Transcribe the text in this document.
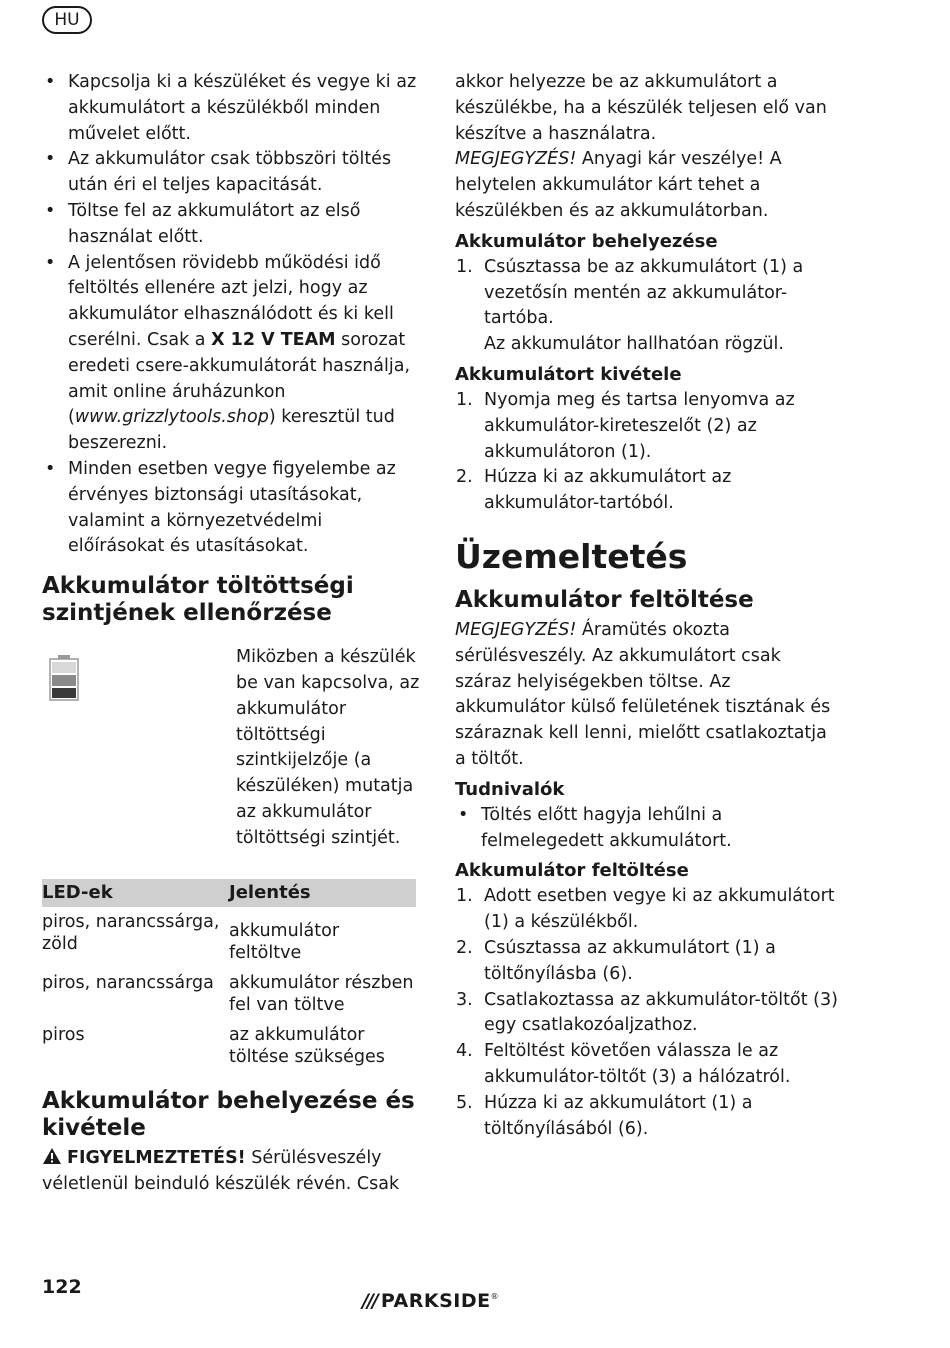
HU
• Kapcsolja ki a készüléket és vegye ki az akkumulátort a készülékből minden művelet előtt.
• Az akkumulátor csak többszöri töltés után éri el teljes kapacitását.
• Töltse fel az akkumulátort az első használat előtt.
• A jelentősen rövidebb működési idő feltöltés ellenére azt jelzi, hogy az akkumulátor elhasználódott és ki kell cserélni. Csak a X 12 V TEAM sorozat eredeti csere-akkumulátorát használja, amit online áruházunkon (www.grizzlytools.shop) keresztül tud beszerezni.
• Minden esetben vegye figyelembe az érvényes biztonsági utasításokat, valamint a környezetvédelmi előírásokat és utasításokat.
Akkumulátor töltöttségi szintjének ellenőrzése

Miközben a készülék be van kapcsolva, az akkumulátor töltöttségi szintkijelzője (a készüléken) mutatja az akkumulátor töltöttségi szintjét.

LED-ek	Jelentés
piros, narancssárga, zöld	akkumulátor feltöltve
piros, narancssárga	akkumulátor részben fel van töltve
piros	az akkumulátor töltése szükséges
Akkumulátor behelyezése és kivétele

FIGYELMEZTETÉS! Sérülésveszély véletlenül beinduló készülék révén. Csak

akkor helyezze be az akkumulátort a készülékbe, ha a készülék teljesen elő van készítve a használatra.

MEGJEGYZÉS! Anyagi kár veszélye! A helytelen akkumulátor kárt tehet a készülékben és az akkumulátorban.

Akkumulátor behelyezése
1. Csúsztassa be az akkumulátort (1) a vezetősín mentén az akkumulátor-tartóba.

Az akkumulátor hallhatóan rögzül.

Akkumulátort kivétele
1. Nyomja meg és tartsa lenyomva az akkumulátor-kireteszelőt (2) az akkumulátoron (1).
2. Húzza ki az akkumulátort az akkumulátor-tartóból.
Üzemeltetés
Akkumulátor feltöltése

MEGJEGYZÉS! Áramütés okozta sérülésveszély. Az akkumulátort csak száraz helyiségekben töltse. Az akkumulátor külső felületének tisztának és száraznak kell lenni, mielőtt csatlakoztatja a töltőt.

Tudnivalók
• Töltés előtt hagyja lehűlni a felmelegedett akkumulátort.
Akkumulátor feltöltése
1. Adott esetben vegye ki az akkumulátort (1) a készülékből.
2. Csúsztassa az akkumulátort (1) a töltőnyílásba (6).
3. Csatlakoztassa az akkumulátor-töltőt (3) egy csatlakozóaljzathoz.
4. Feltöltést követően válassza le az akkumulátor-töltőt (3) a hálózatról.
5. Húzza ki az akkumulátort (1) a töltőnyílásából (6).
122
/// PARKSIDE®
